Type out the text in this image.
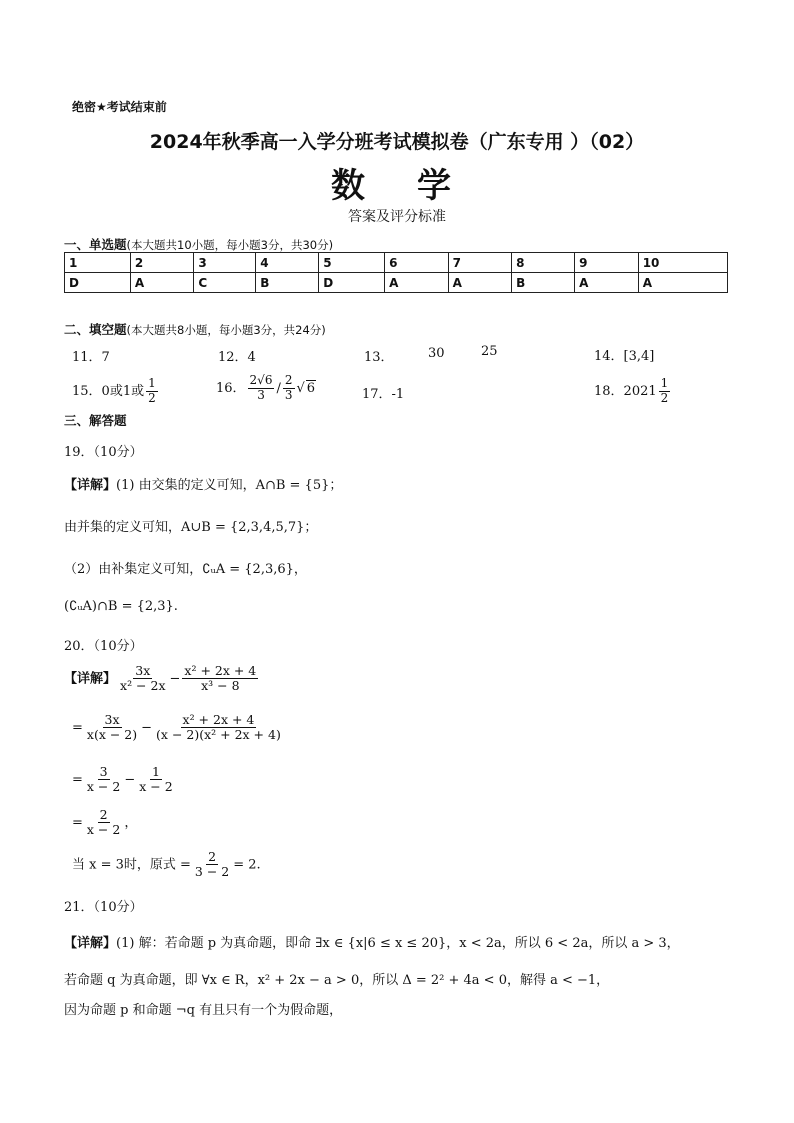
绝密★考试结束前
2024年秋季高一入学分班考试模拟卷（广东专用 ）（02）
数学
答案及评分标准
一、单选题(本大题共10小题，每小题3分，共30分)
1	2	3	4	5	6	7	8	9	10
D	A	C	B	D	A	A	B	A	A
二、填空题(本大题共8小题，每小题3分，共24分)
11．7	12．4	13．	30	25	14．[3,4]
15．0或1或 $\frac{1}{2}$	16． $\frac{2√6}{3} / \frac{2}{3}$ √ 6	17．-1	18．$2021 \frac{1}{2}$
三、解答题
19．（10分）
【详解】(1) 由交集的定义可知，A∩B = {5}；
由并集的定义可知，A∪B = {2,3,4,5,7}；
（2）由补集定义可知，∁ᵤA = {2,3,6}，
(∁ᵤA)∩B = {2,3}.
20．（10分）
【详解】 $\frac{3x}{\text{x² − 2x}} - \frac{\text{x² + 2x + 4}}{\text{x³ − 8}}$
= $\frac{3x}{x(x - 2)} - \frac{\text{x² + 2x + 4}}{\text{(x − 2)(x² + 2x + 4)}}$
= $\frac{3}{x - 2} - \frac{1}{x - 2}$
= $\frac{2}{x - 2}$ ，
当 x = 3时，原式 = $\frac{2}{3 - 2} = 2$.
21．（10分）
【详解】(1) 解：若命题 p 为真命题，即命 ∃x ∈ {x|6 ≤ x ≤ 20}，x < 2a，所以 6 < 2a，所以 a > 3，
若命题 q 为真命题，即 ∀x ∈ R，x² + 2x − a > 0，所以 Δ = 2² + 4a < 0，解得 a < −1，
因为命题 p 和命题 ¬q 有且只有一个为假命题，
